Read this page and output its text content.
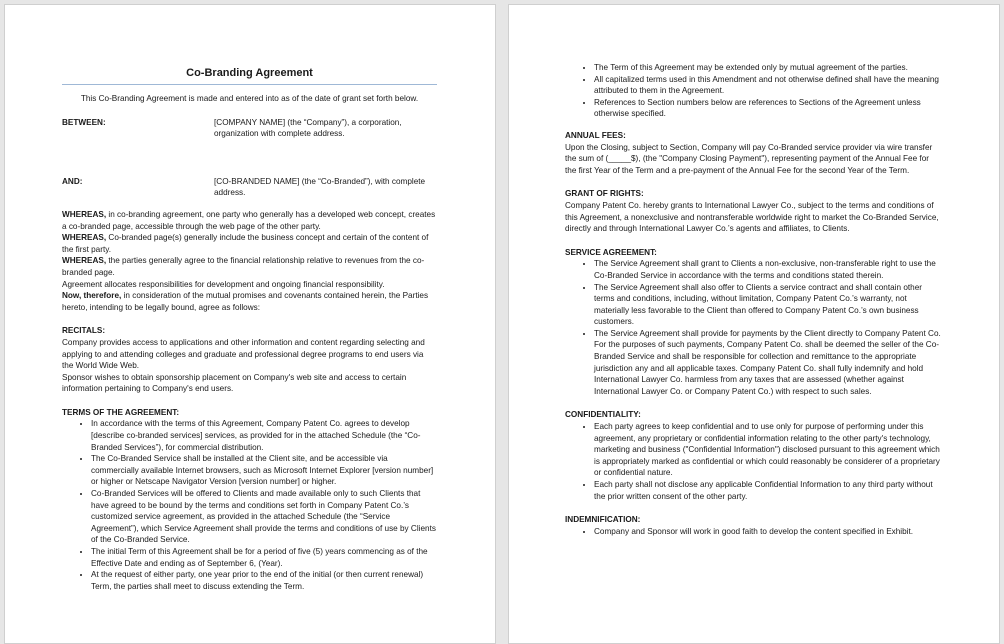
Co-Branding Agreement

This Co-Branding Agreement is made and entered into as of the date of grant set forth below.

BETWEEN:	[COMPANY NAME] (the “Company”), a corporation, organization with complete address.
AND:	[CO-BRANDED NAME] (the “Co-Branded”), with complete address.

WHEREAS, in co-branding agreement, one party who generally has a developed web concept, creates a co-branded page, accessible through the web page of the other party.

WHEREAS, Co-branded page(s) generally include the business concept and certain of the content of the first party.

WHEREAS, the parties generally agree to the financial relationship relative to revenues from the co-branded page.

Agreement allocates responsibilities for development and ongoing financial responsibility.

Now, therefore, in consideration of the mutual promises and covenants contained herein, the Parties hereto, intending to be legally bound, agree as follows:

RECITALS:

Company provides access to applications and other information and content regarding selecting and applying to and attending colleges and graduate and professional degree programs to end users via the World Wide Web.

Sponsor wishes to obtain sponsorship placement on Company's web site and access to certain information pertaining to Company's end users.

TERMS OF THE AGREEMENT:

• In accordance with the terms of this Agreement, Company Patent Co. agrees to develop [describe co-branded services] services, as provided for in the attached Schedule (the “Co-Branded Services”), for commercial distribution.
• The Co-Branded Service shall be installed at the Client site, and be accessible via commercially available Internet browsers, such as Microsoft Internet Explorer [version number] or higher or Netscape Navigator Version [version number] or higher.
• Co-Branded Services will be offered to Clients and made available only to such Clients that have agreed to be bound by the terms and conditions set forth in Company Patent Co.’s customized service agreement, as provided in the attached Schedule (the “Service Agreement”), which Service Agreement shall provide the terms and conditions of use by Clients of the Co-Branded Service.
• The initial Term of this Agreement shall be for a period of five (5) years commencing as of the Effective Date and ending as of September 6, (Year).
• At the request of either party, one year prior to the end of the initial (or then current renewal) Term, the parties shall meet to discuss extending the Term.
• The Term of this Agreement may be extended only by mutual agreement of the parties.
• All capitalized terms used in this Amendment and not otherwise defined shall have the meaning attributed to them in the Agreement.
• References to Section numbers below are references to Sections of the Agreement unless otherwise specified.

ANNUAL FEES:

Upon the Closing, subject to Section, Company will pay Co-Branded service provider via wire transfer the sum of (_____$), (the "Company Closing Payment"), representing payment of the Annual Fee for the first Year of the Term and a pre-payment of the Annual Fee for the second Year of the Term.

GRANT OF RIGHTS:

Company Patent Co. hereby grants to International Lawyer Co., subject to the terms and conditions of this Agreement, a nonexclusive and nontransferable worldwide right to market the Co-Branded Service, directly and through International Lawyer Co.’s agents and affiliates, to Clients.

SERVICE AGREEMENT:

• The Service Agreement shall grant to Clients a non-exclusive, non-transferable right to use the Co-Branded Service in accordance with the terms and conditions stated therein.
• The Service Agreement shall also offer to Clients a service contract and shall contain other terms and conditions, including, without limitation, Company Patent Co.’s warranty, not materially less favorable to the Client than offered to Company Patent Co.’s own business customers.
• The Service Agreement shall provide for payments by the Client directly to Company Patent Co. For the purposes of such payments, Company Patent Co. shall be deemed the seller of the Co-Branded Service and shall be responsible for collection and remittance to the appropriate jurisdiction any and all applicable taxes. Company Patent Co. shall fully indemnify and hold International Lawyer Co. harmless from any taxes that are assessed (whether against International Lawyer Co. or Company Patent Co.) with respect to such sales.

CONFIDENTIALITY:

• Each party agrees to keep confidential and to use only for purpose of performing under this agreement, any proprietary or confidential information relating to the other party's technology, marketing and business ("Confidential Information") disclosed pursuant to this agreement which is appropriately marked as confidential or which could reasonably be considerer of a proprietary or confidential nature.
• Each party shall not disclose any applicable Confidential Information to any third party without the prior written consent of the other party.

INDEMNIFICATION:

• Company and Sponsor will work in good faith to develop the content specified in Exhibit.
